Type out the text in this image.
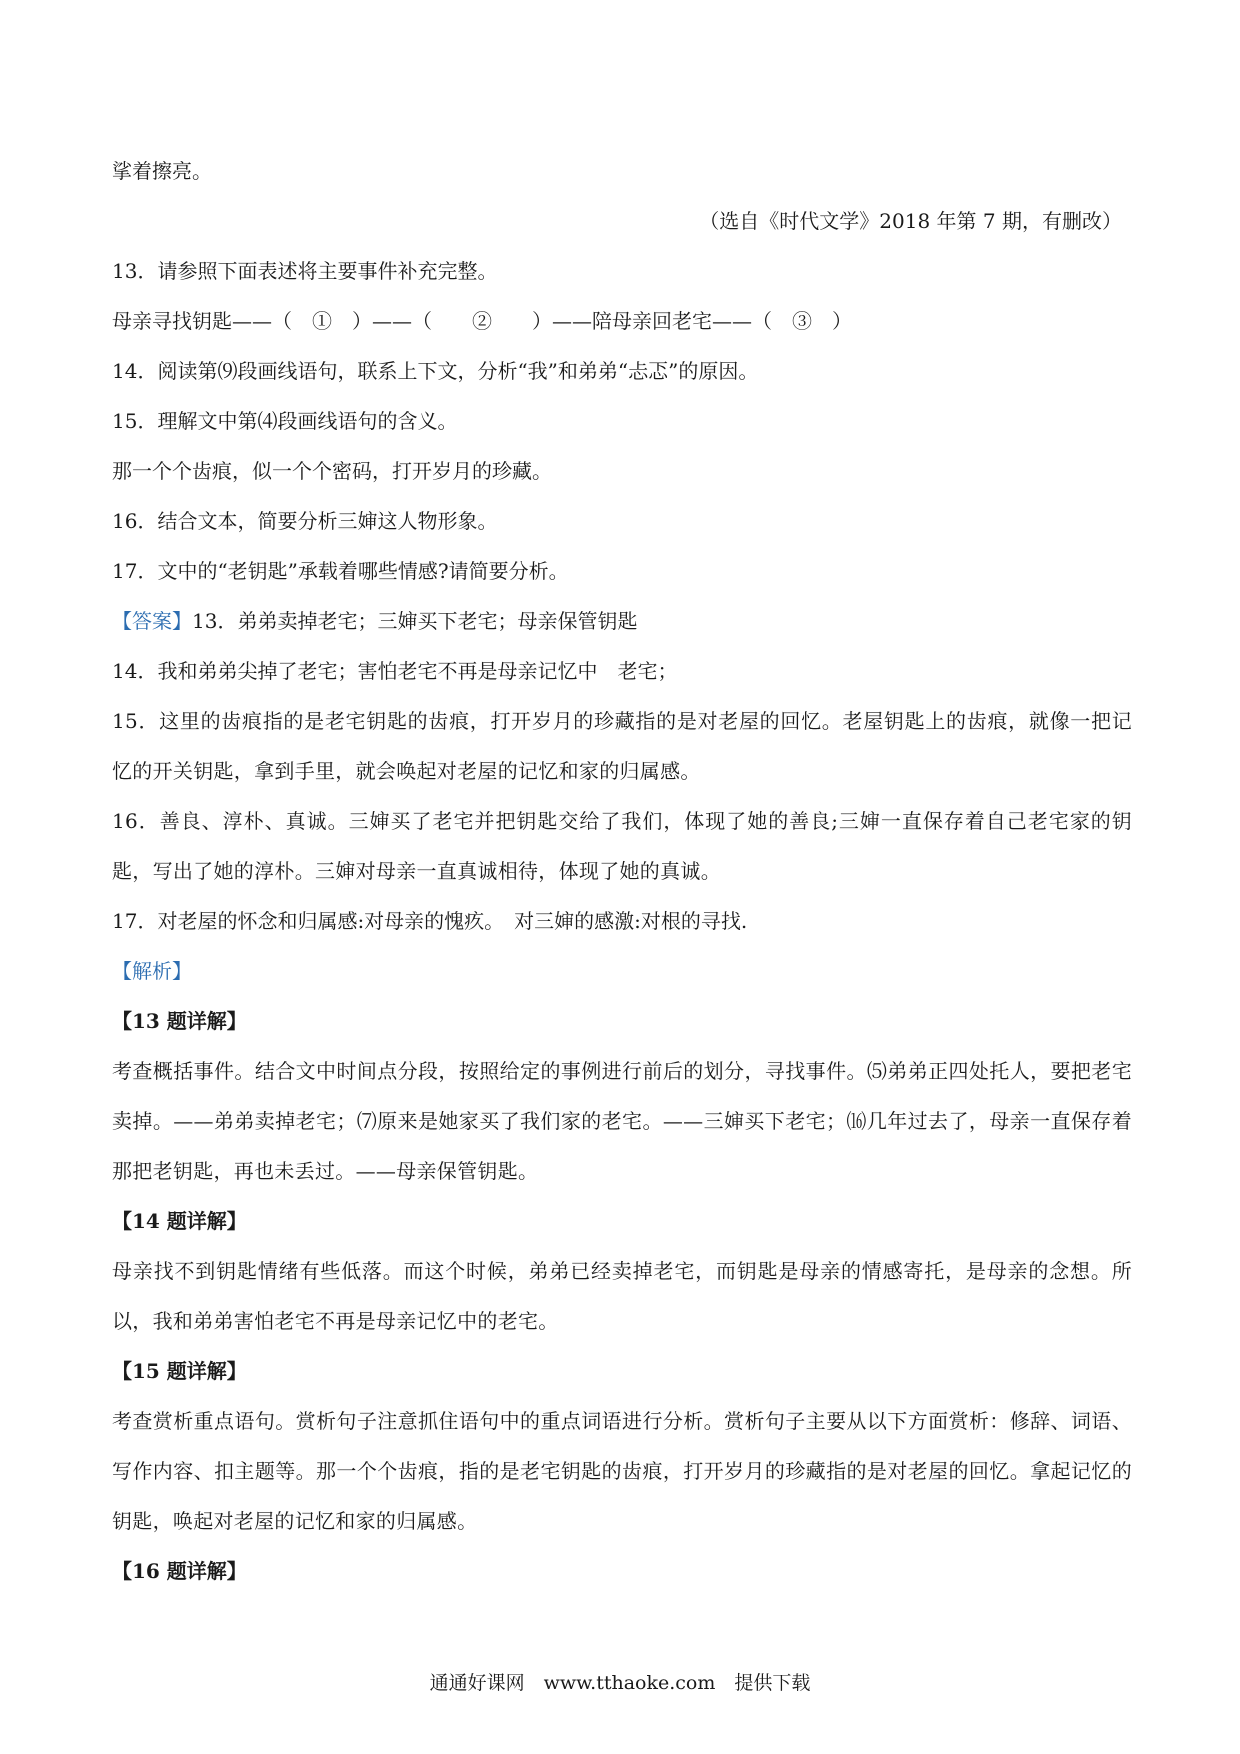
挲着擦亮。
（选自《时代文学》2018 年第 7 期，有删改）
13．请参照下面表述将主要事件补充完整。
母亲寻找钥匙——（　①　）——（　　②　　）——陪母亲回老宅——（　③　）
14．阅读第⑼段画线语句，联系上下文，分析“我”和弟弟“忐忑”的原因。
15．理解文中第⑷段画线语句的含义。
那一个个齿痕，似一个个密码，打开岁月的珍藏。
16．结合文本，简要分析三婶这人物形象。
17．文中的“老钥匙”承载着哪些情感?请简要分析。
【答案】13．弟弟卖掉老宅；三婶买下老宅；母亲保管钥匙
14．我和弟弟尖掉了老宅；害怕老宅不再是母亲记忆中　老宅；
15．这里的齿痕指的是老宅钥匙的齿痕，打开岁月的珍藏指的是对老屋的回忆。老屋钥匙上的齿痕，就像一把记忆的开关钥匙，拿到手里，就会唤起对老屋的记忆和家的归属感。
16．善良、淳朴、真诚。三婶买了老宅并把钥匙交给了我们，体现了她的善良;三婶一直保存着自己老宅家的钥匙，写出了她的淳朴。三婶对母亲一直真诚相待，体现了她的真诚。
17．对老屋的怀念和归属感:对母亲的愧疚。　对三婶的感激:对根的寻找.
【解析】
【13 题详解】
考查概括事件。结合文中时间点分段，按照给定的事例进行前后的划分，寻找事件。⑸弟弟正四处托人，要把老宅卖掉。——弟弟卖掉老宅；⑺原来是她家买了我们家的老宅。——三婶买下老宅；⒃几年过去了，母亲一直保存着那把老钥匙，再也未丢过。——母亲保管钥匙。
【14 题详解】
母亲找不到钥匙情绪有些低落。而这个时候，弟弟已经卖掉老宅，而钥匙是母亲的情感寄托，是母亲的念想。所以，我和弟弟害怕老宅不再是母亲记忆中的老宅。
【15 题详解】
考查赏析重点语句。赏析句子注意抓住语句中的重点词语进行分析。赏析句子主要从以下方面赏析：修辞、词语、写作内容、扣主题等。那一个个齿痕，指的是老宅钥匙的齿痕，打开岁月的珍藏指的是对老屋的回忆。拿起记忆的钥匙，唤起对老屋的记忆和家的归属感。
【16 题详解】
通通好课网　www.tthaoke.com　提供下载
